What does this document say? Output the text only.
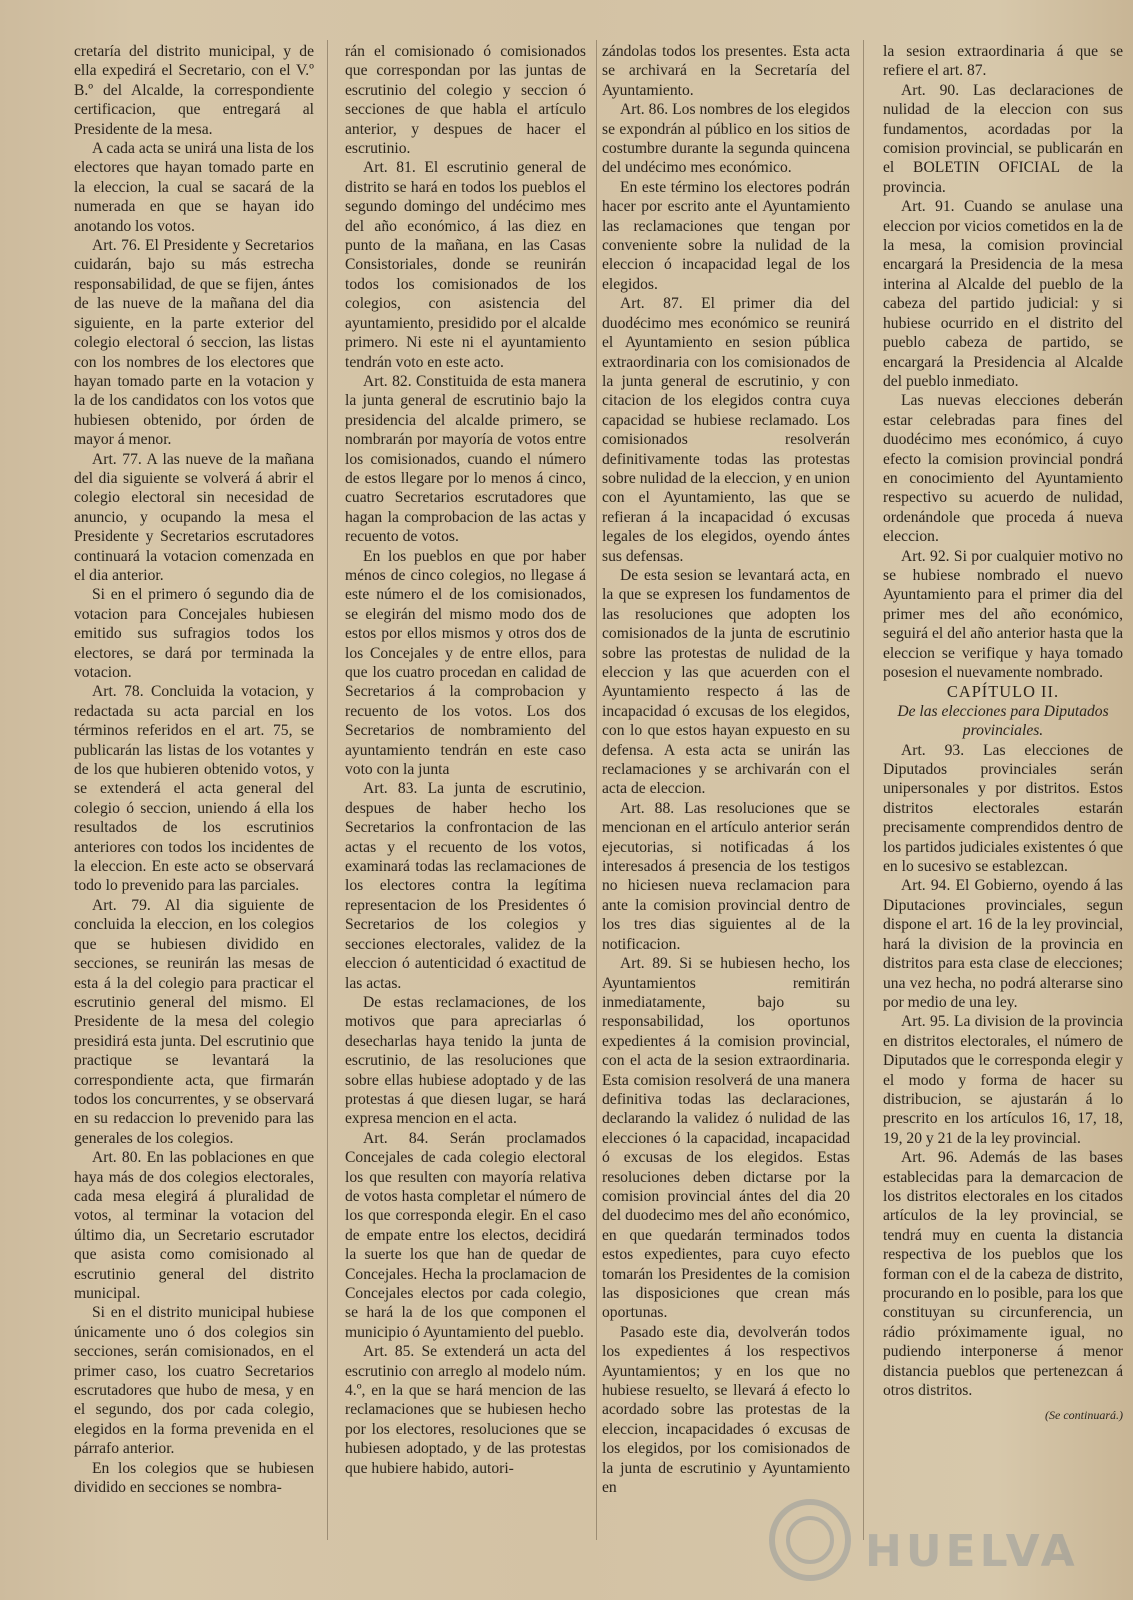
cretaría del distrito municipal, y de ella expedirá el Secretario, con el V.º B.º del Alcalde, la correspondiente certificacion, que entregará al Presidente de la mesa.

A cada acta se unirá una lista de los electores que hayan tomado parte en la eleccion, la cual se sacará de la numerada en que se hayan ido anotando los votos.

Art. 76. El Presidente y Secretarios cuidarán, bajo su más estrecha responsabilidad, de que se fijen, ántes de las nueve de la mañana del dia siguiente, en la parte exterior del colegio electoral ó seccion, las listas con los nombres de los electores que hayan tomado parte en la votacion y la de los candidatos con los votos que hubiesen obtenido, por órden de mayor á menor.

Art. 77. A las nueve de la mañana del dia siguiente se volverá á abrir el colegio electoral sin necesidad de anuncio, y ocupando la mesa el Presidente y Secretarios escrutadores continuará la votacion comenzada en el dia anterior.

Si en el primero ó segundo dia de votacion para Concejales hubiesen emitido sus sufragios todos los electores, se dará por terminada la votacion.

Art. 78. Concluida la votacion, y redactada su acta parcial en los términos referidos en el art. 75, se publicarán las listas de los votantes y de los que hubieren obtenido votos, y se extenderá el acta general del colegio ó seccion, uniendo á ella los resultados de los escrutinios anteriores con todos los incidentes de la eleccion. En este acto se observará todo lo prevenido para las parciales.

Art. 79. Al dia siguiente de concluida la eleccion, en los colegios que se hubiesen dividido en secciones, se reunirán las mesas de esta á la del colegio para practicar el escrutinio general del mismo. El Presidente de la mesa del colegio presidirá esta junta. Del escrutinio que practique se levantará la correspondiente acta, que firmarán todos los concurrentes, y se observará en su redaccion lo prevenido para las generales de los colegios.

Art. 80. En las poblaciones en que haya más de dos colegios electorales, cada mesa elegirá á pluralidad de votos, al terminar la votacion del último dia, un Secretario escrutador que asista como comisionado al escrutinio general del distrito municipal.

Si en el distrito municipal hubiese únicamente uno ó dos colegios sin secciones, serán comisionados, en el primer caso, los cuatro Secretarios escrutadores que hubo de mesa, y en el segundo, dos por cada colegio, elegidos en la forma prevenida en el párrafo anterior.

En los colegios que se hubiesen dividido en secciones se nombra-

rán el comisionado ó comisionados que correspondan por las juntas de escrutinio del colegio y seccion ó secciones de que habla el artículo anterior, y despues de hacer el escrutinio.

Art. 81. El escrutinio general de distrito se hará en todos los pueblos el segundo domingo del undécimo mes del año económico, á las diez en punto de la mañana, en las Casas Consistoriales, donde se reunirán todos los comisionados de los colegios, con asistencia del ayuntamiento, presidido por el alcalde primero. Ni este ni el ayuntamiento tendrán voto en este acto.

Art. 82. Constituida de esta manera la junta general de escrutinio bajo la presidencia del alcalde primero, se nombrarán por mayoría de votos entre los comisionados, cuando el número de estos llegare por lo menos á cinco, cuatro Secretarios escrutadores que hagan la comprobacion de las actas y recuento de votos.

En los pueblos en que por haber ménos de cinco colegios, no llegase á este número el de los comisionados, se elegirán del mismo modo dos de estos por ellos mismos y otros dos de los Concejales y de entre ellos, para que los cuatro procedan en calidad de Secretarios á la comprobacion y recuento de los votos. Los dos Secretarios de nombramiento del ayuntamiento tendrán en este caso voto con la junta

Art. 83. La junta de escrutinio, despues de haber hecho los Secretarios la confrontacion de las actas y el recuento de los votos, examinará todas las reclamaciones de los electores contra la legítima representacion de los Presidentes ó Secretarios de los colegios y secciones electorales, validez de la eleccion ó autenticidad ó exactitud de las actas.

De estas reclamaciones, de los motivos que para apreciarlas ó desecharlas haya tenido la junta de escrutinio, de las resoluciones que sobre ellas hubiese adoptado y de las protestas á que diesen lugar, se hará expresa mencion en el acta.

Art. 84. Serán proclamados Concejales de cada colegio electoral los que resulten con mayoría relativa de votos hasta completar el número de los que corresponda elegir. En el caso de empate entre los electos, decidirá la suerte los que han de quedar de Concejales. Hecha la proclamacion de Concejales electos por cada colegio, se hará la de los que componen el municipio ó Ayuntamiento del pueblo.

Art. 85. Se extenderá un acta del escrutinio con arreglo al modelo núm. 4.º, en la que se hará mencion de las reclamaciones que se hubiesen hecho por los electores, resoluciones que se hubiesen adoptado, y de las protestas que hubiere habido, autori-

zándolas todos los presentes. Esta acta se archivará en la Secretaría del Ayuntamiento.

Art. 86. Los nombres de los elegidos se expondrán al público en los sitios de costumbre durante la segunda quincena del undécimo mes económico.

En este término los electores podrán hacer por escrito ante el Ayuntamiento las reclamaciones que tengan por conveniente sobre la nulidad de la eleccion ó incapacidad legal de los elegidos.

Art. 87. El primer dia del duodécimo mes económico se reunirá el Ayuntamiento en sesion pública extraordinaria con los comisionados de la junta general de escrutinio, y con citacion de los elegidos contra cuya capacidad se hubiese reclamado. Los comisionados resolverán definitivamente todas las protestas sobre nulidad de la eleccion, y en union con el Ayuntamiento, las que se refieran á la incapacidad ó excusas legales de los elegidos, oyendo ántes sus defensas.

De esta sesion se levantará acta, en la que se expresen los fundamentos de las resoluciones que adopten los comisionados de la junta de escrutinio sobre las protestas de nulidad de la eleccion y las que acuerden con el Ayuntamiento respecto á las de incapacidad ó excusas de los elegidos, con lo que estos hayan expuesto en su defensa. A esta acta se unirán las reclamaciones y se archivarán con el acta de eleccion.

Art. 88. Las resoluciones que se mencionan en el artículo anterior serán ejecutorias, si notificadas á los interesados á presencia de los testigos no hiciesen nueva reclamacion para ante la comision provincial dentro de los tres dias siguientes al de la notificacion.

Art. 89. Si se hubiesen hecho, los Ayuntamientos remitirán inmediatamente, bajo su responsabilidad, los oportunos expedientes á la comision provincial, con el acta de la sesion extraordinaria. Esta comision resolverá de una manera definitiva todas las declaraciones, declarando la validez ó nulidad de las elecciones ó la capacidad, incapacidad ó excusas de los elegidos. Estas resoluciones deben dictarse por la comision provincial ántes del dia 20 del duodecimo mes del año económico, en que quedarán terminados todos estos expedientes, para cuyo efecto tomarán los Presidentes de la comision las disposiciones que crean más oportunas.

Pasado este dia, devolverán todos los expedientes á los respectivos Ayuntamientos; y en los que no hubiese resuelto, se llevará á efecto lo acordado sobre las protestas de la eleccion, incapacidades ó excusas de los elegidos, por los comisionados de la junta de escrutinio y Ayuntamiento en

la sesion extraordinaria á que se refiere el art. 87.

Art. 90. Las declaraciones de nulidad de la eleccion con sus fundamentos, acordadas por la comision provincial, se publicarán en el BOLETIN OFICIAL de la provincia.

Art. 91. Cuando se anulase una eleccion por vicios cometidos en la de la mesa, la comision provincial encargará la Presidencia de la mesa interina al Alcalde del pueblo de la cabeza del partido judicial: y si hubiese ocurrido en el distrito del pueblo cabeza de partido, se encargará la Presidencia al Alcalde del pueblo inmediato.

Las nuevas elecciones deberán estar celebradas para fines del duodécimo mes económico, á cuyo efecto la comision provincial pondrá en conocimiento del Ayuntamiento respectivo su acuerdo de nulidad, ordenándole que proceda á nueva eleccion.

Art. 92. Si por cualquier motivo no se hubiese nombrado el nuevo Ayuntamiento para el primer dia del primer mes del año económico, seguirá el del año anterior hasta que la eleccion se verifique y haya tomado posesion el nuevamente nombrado.

CAPÍTULO II.

De las elecciones para Diputados provinciales.

Art. 93. Las elecciones de Diputados provinciales serán unipersonales y por distritos. Estos distritos electorales estarán precisamente comprendidos dentro de los partidos judiciales existentes ó que en lo sucesivo se establezcan.

Art. 94. El Gobierno, oyendo á las Diputaciones provinciales, segun dispone el art. 16 de la ley provincial, hará la division de la provincia en distritos para esta clase de elecciones; una vez hecha, no podrá alterarse sino por medio de una ley.

Art. 95. La division de la provincia en distritos electorales, el número de Diputados que le corresponda elegir y el modo y forma de hacer su distribucion, se ajustarán á lo prescrito en los artículos 16, 17, 18, 19, 20 y 21 de la ley provincial.

Art. 96. Además de las bases establecidas para la demarcacion de los distritos electorales en los citados artículos de la ley provincial, se tendrá muy en cuenta la distancia respectiva de los pueblos que los forman con el de la cabeza de distrito, procurando en lo posible, para los que constituyan su circunferencia, un rádio próximamente igual, no pudiendo interponerse á menor distancia pueblos que pertenezcan á otros distritos.

(Se continuará.)
HUELVA
